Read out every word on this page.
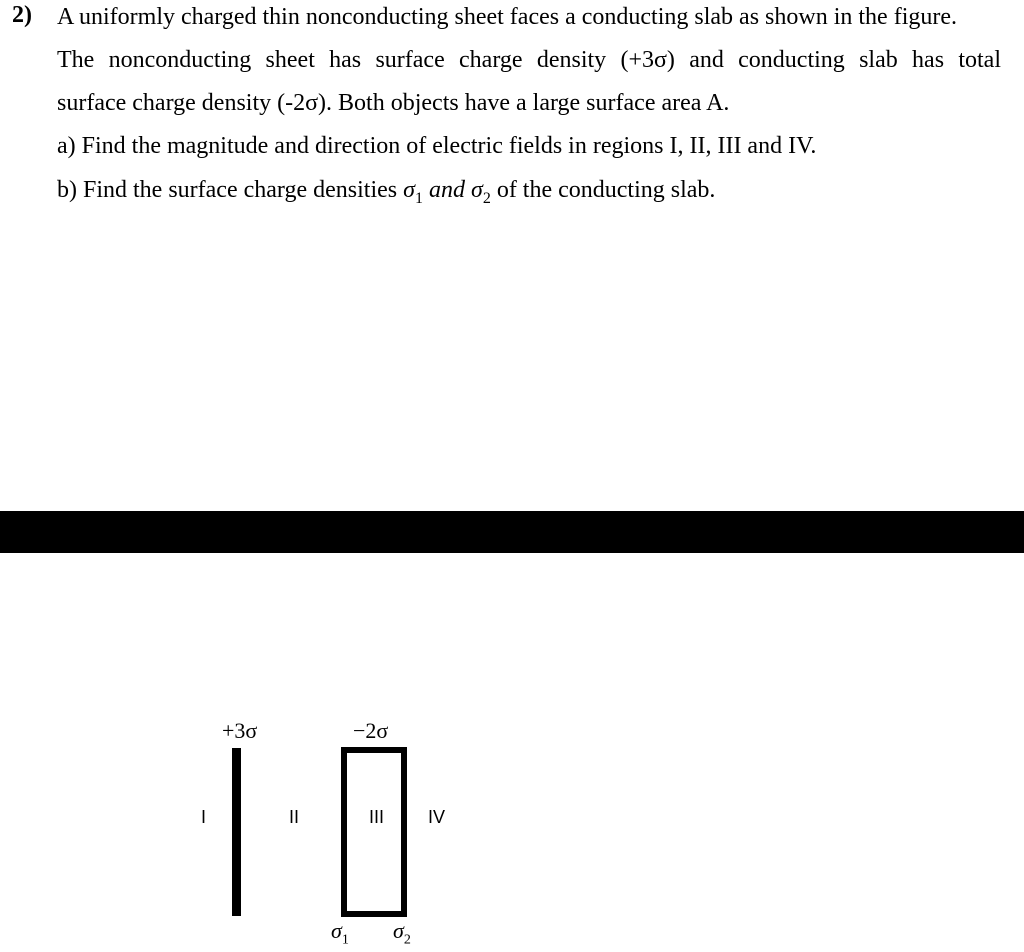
2) A uniformly charged thin nonconducting sheet faces a conducting slab as shown in the figure.
The nonconducting sheet has surface charge density (+3σ) and conducting slab has total
surface charge density (-2σ). Both objects have a large surface area A.
a) Find the magnitude and direction of electric fields in regions I, II, III and IV.
b) Find the surface charge densities $\sigma_1$ and $\sigma_2$ of the conducting slab.
+3σ	−2σ
I	II	III IV
$\sigma_1$ $\sigma_2$
